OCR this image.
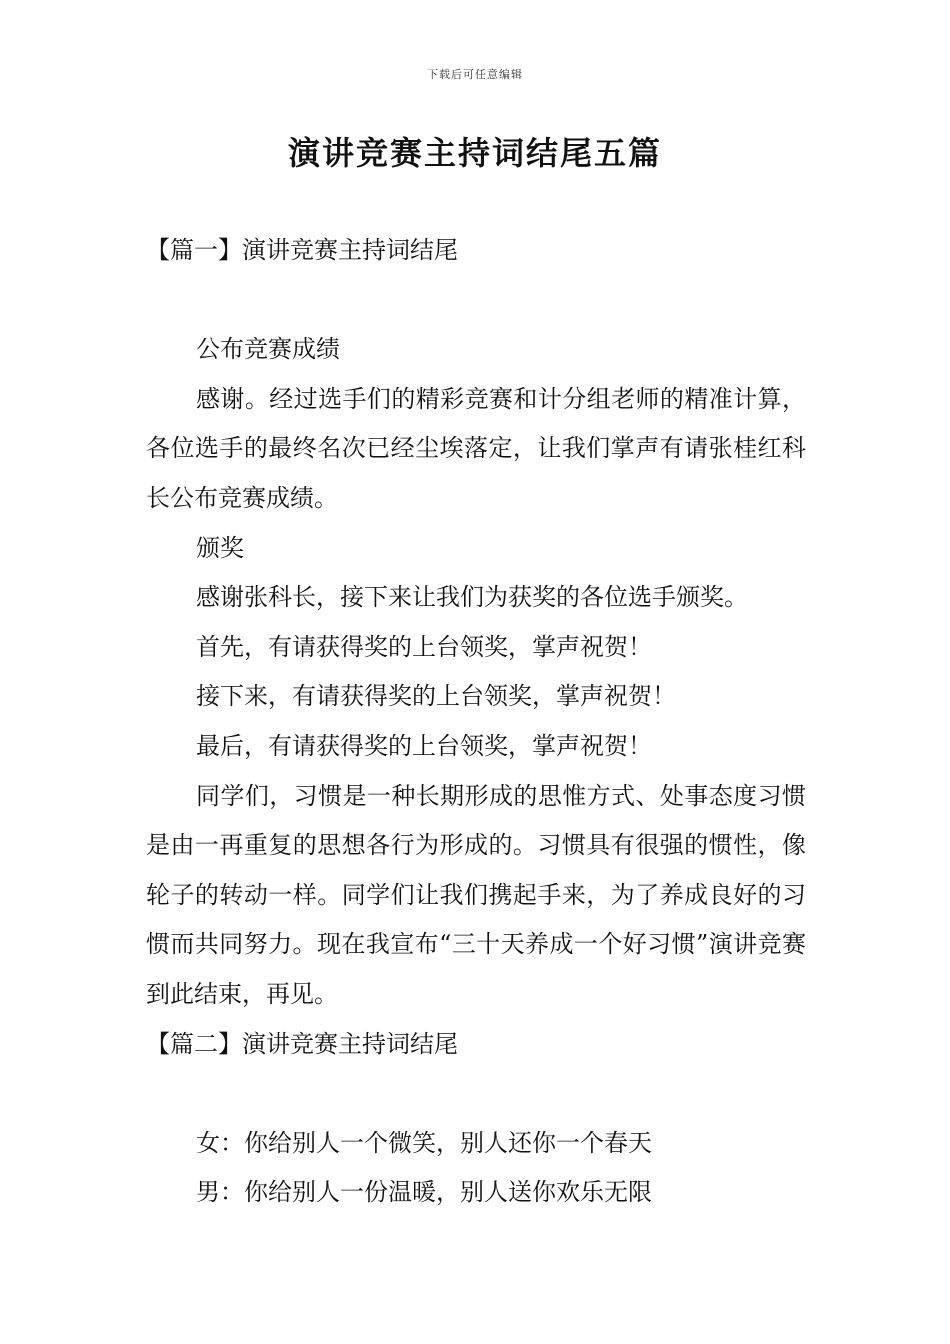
下载后可任意编辑
演讲竞赛主持词结尾五篇

【篇一】演讲竞赛主持词结尾

公布竞赛成绩

感谢。经过选手们的精彩竞赛和计分组老师的精准计算，各位选手的最终名次已经尘埃落定，让我们掌声有请张桂红科长公布竞赛成绩。

颁奖

感谢张科长，接下来让我们为获奖的各位选手颁奖。

首先，有请获得奖的上台领奖，掌声祝贺！

接下来，有请获得奖的上台领奖，掌声祝贺！

最后，有请获得奖的上台领奖，掌声祝贺！

同学们，习惯是一种长期形成的思惟方式、处事态度习惯是由一再重复的思想各行为形成的。习惯具有很强的惯性，像轮子的转动一样。同学们让我们携起手来，为了养成良好的习惯而共同努力。现在我宣布“三十天养成一个好习惯”演讲竞赛到此结束，再见。

【篇二】演讲竞赛主持词结尾

女：你给别人一个微笑，别人还你一个春天

男：你给别人一份温暖，别人送你欢乐无限
